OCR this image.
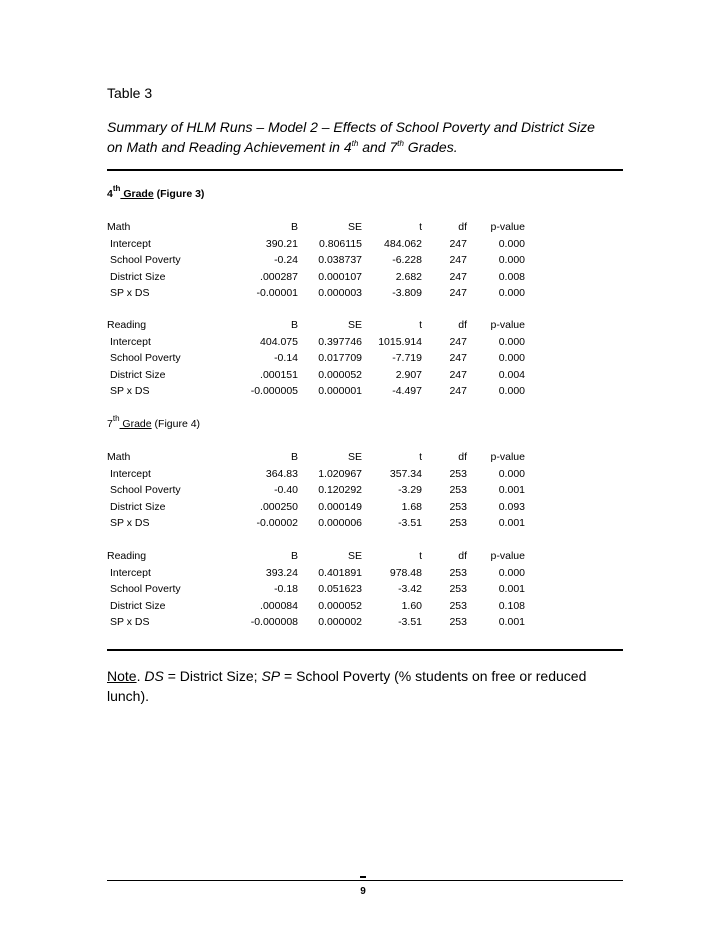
Table 3
Summary of HLM Runs – Model 2 – Effects of School Poverty and District Size
on Math and Reading Achievement in 4th and 7th Grades.
4th Grade (Figure 3)
Math	B	SE	t	df p-value
Intercept	390.21 0.806115 484.062	247	0.000
School Poverty	-0.24 0.038737	-6.228	247	0.000
District Size	.000287 0.000107	2.682	247	0.008
SP x DS	-0.00001 0.000003	-3.809	247	0.000
Reading	B	SE	t	df p-value
Intercept	404.075 0.397746 1015.914	247	0.000
School Poverty	-0.14 0.017709	-7.719	247	0.000
District Size	.000151 0.000052	2.907	247	0.004
SP x DS	-0.000005 0.000001	-4.497	247	0.000
7th Grade (Figure 4)
Math	B	SE	t	df p-value
Intercept	364.83 1.020967	357.34	253	0.000
School Poverty	-0.40 0.120292	-3.29	253	0.001
District Size	.000250 0.000149	1.68	253	0.093
SP x DS	-0.00002 0.000006	-3.51	253	0.001
Reading	B	SE	t	df p-value
Intercept	393.24 0.401891	978.48	253	0.000
School Poverty	-0.18 0.051623	-3.42	253	0.001
District Size	.000084 0.000052	1.60	253	0.108
SP x DS	-0.000008 0.000002	-3.51	253	0.001
Note. DS = District Size; SP = School Poverty (% students on free or reduced lunch).
9
